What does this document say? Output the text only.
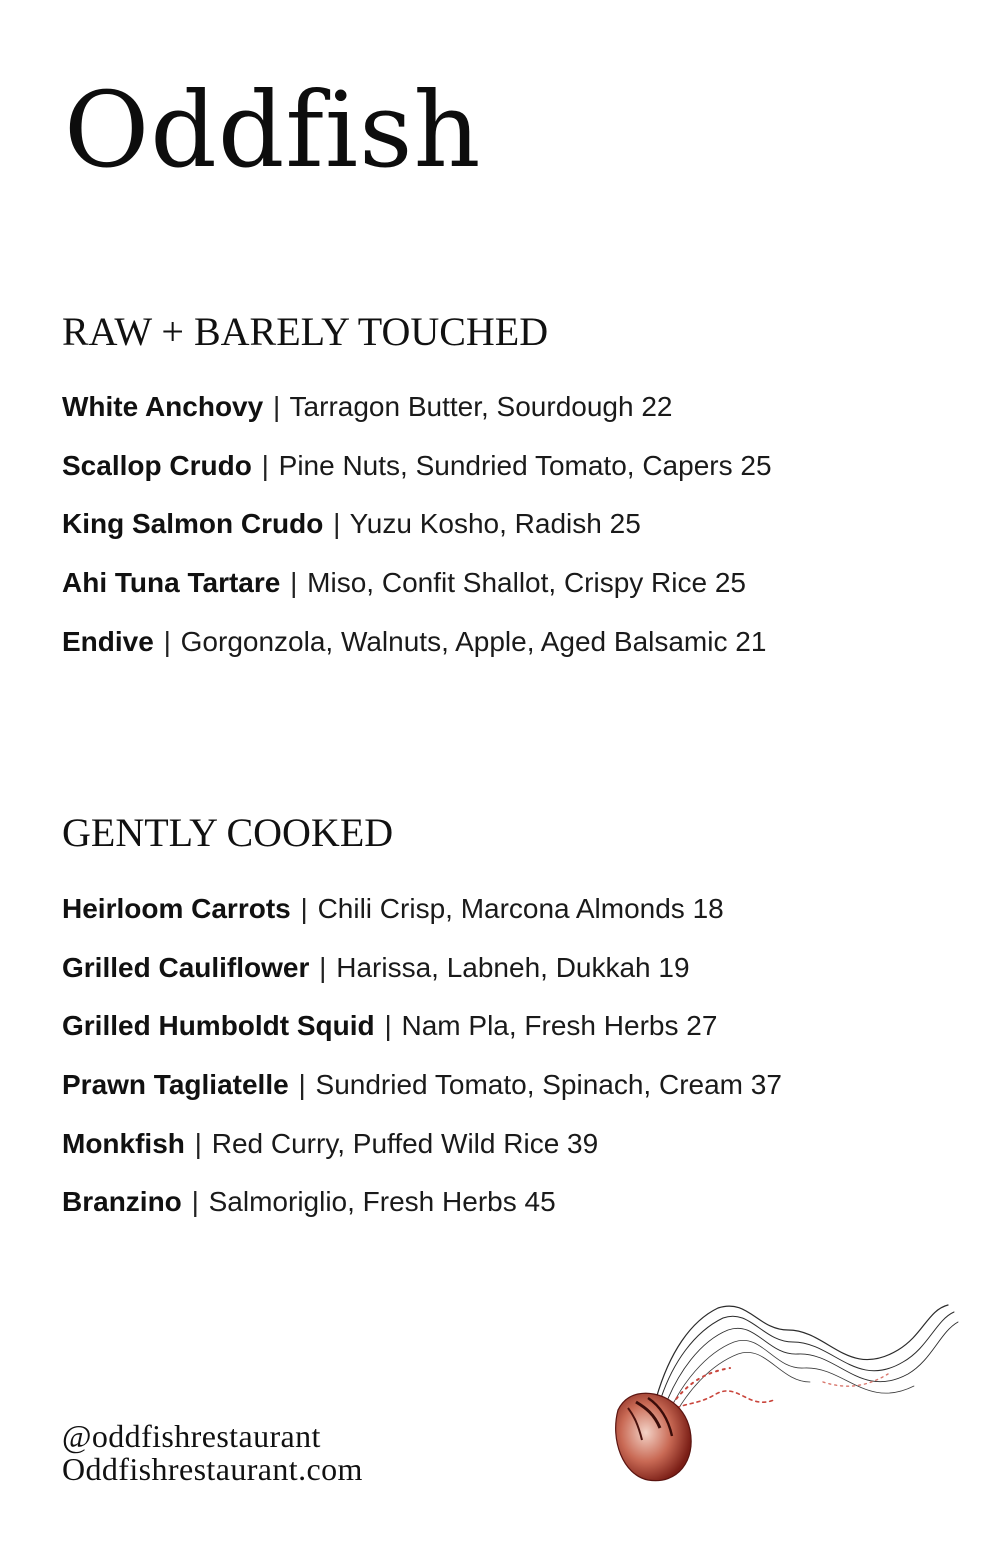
Oddfish
RAW + BARELY TOUCHED
White Anchovy | Tarragon Butter, Sourdough 22
Scallop Crudo | Pine Nuts, Sundried Tomato, Capers 25
King Salmon Crudo | Yuzu Kosho, Radish 25
Ahi Tuna Tartare | Miso, Confit Shallot, Crispy Rice 25
Endive | Gorgonzola, Walnuts, Apple, Aged Balsamic 21
GENTLY COOKED
Heirloom Carrots | Chili Crisp, Marcona Almonds 18
Grilled Cauliflower | Harissa, Labneh, Dukkah 19
Grilled Humboldt Squid | Nam Pla, Fresh Herbs 27
Prawn Tagliatelle | Sundried Tomato, Spinach, Cream 37
Monkfish | Red Curry, Puffed Wild Rice 39
Branzino | Salmoriglio, Fresh Herbs 45
@oddfishrestaurant
Oddfishrestaurant.com
